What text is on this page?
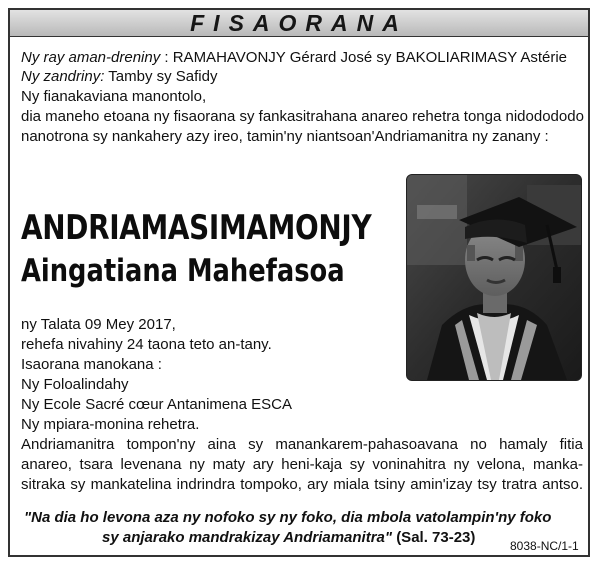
FISAORANA
Ny ray aman-dreniny : RAMAHAVONJY Gérard José sy BAKOLIARIMASY Astérie
Ny zandriny: Tamby sy Safidy
Ny fianakaviana manontolo,
dia maneho etoana ny fisaorana sy fankasitrahana anareo rehetra tonga nidodododo
nanotrona sy nankahery azy ireo, tamin'ny niantsoan'Andriamanitra ny zanany :
ANDRIAMASIMAMONJY
Aingatiana Mahefasoa
ny Talata 09 Mey 2017,
rehefa nivahiny 24 taona teto an-tany.
Isaorana manokana :
Ny Foloalindahy
Ny Ecole Sacré cœur Antanimena ESCA
Ny mpiara-monina rehetra.
Andriamanitra tompon'ny aina sy manankarem-pahasoavana no hamaly fitia
anareo, tsara levenana ny maty ary heni-kaja sy voninahitra ny velona, manka-
sitraka sy mankatelina indrindra tompoko, ary miala tsiny amin'izay tsy tratra antso.
"Na dia ho levona aza ny nofoko sy ny foko, dia mbola vatolampin'ny foko
sy anjarako mandrakizay Andriamanitra" (Sal. 73-23)	8038-NC/1-1
